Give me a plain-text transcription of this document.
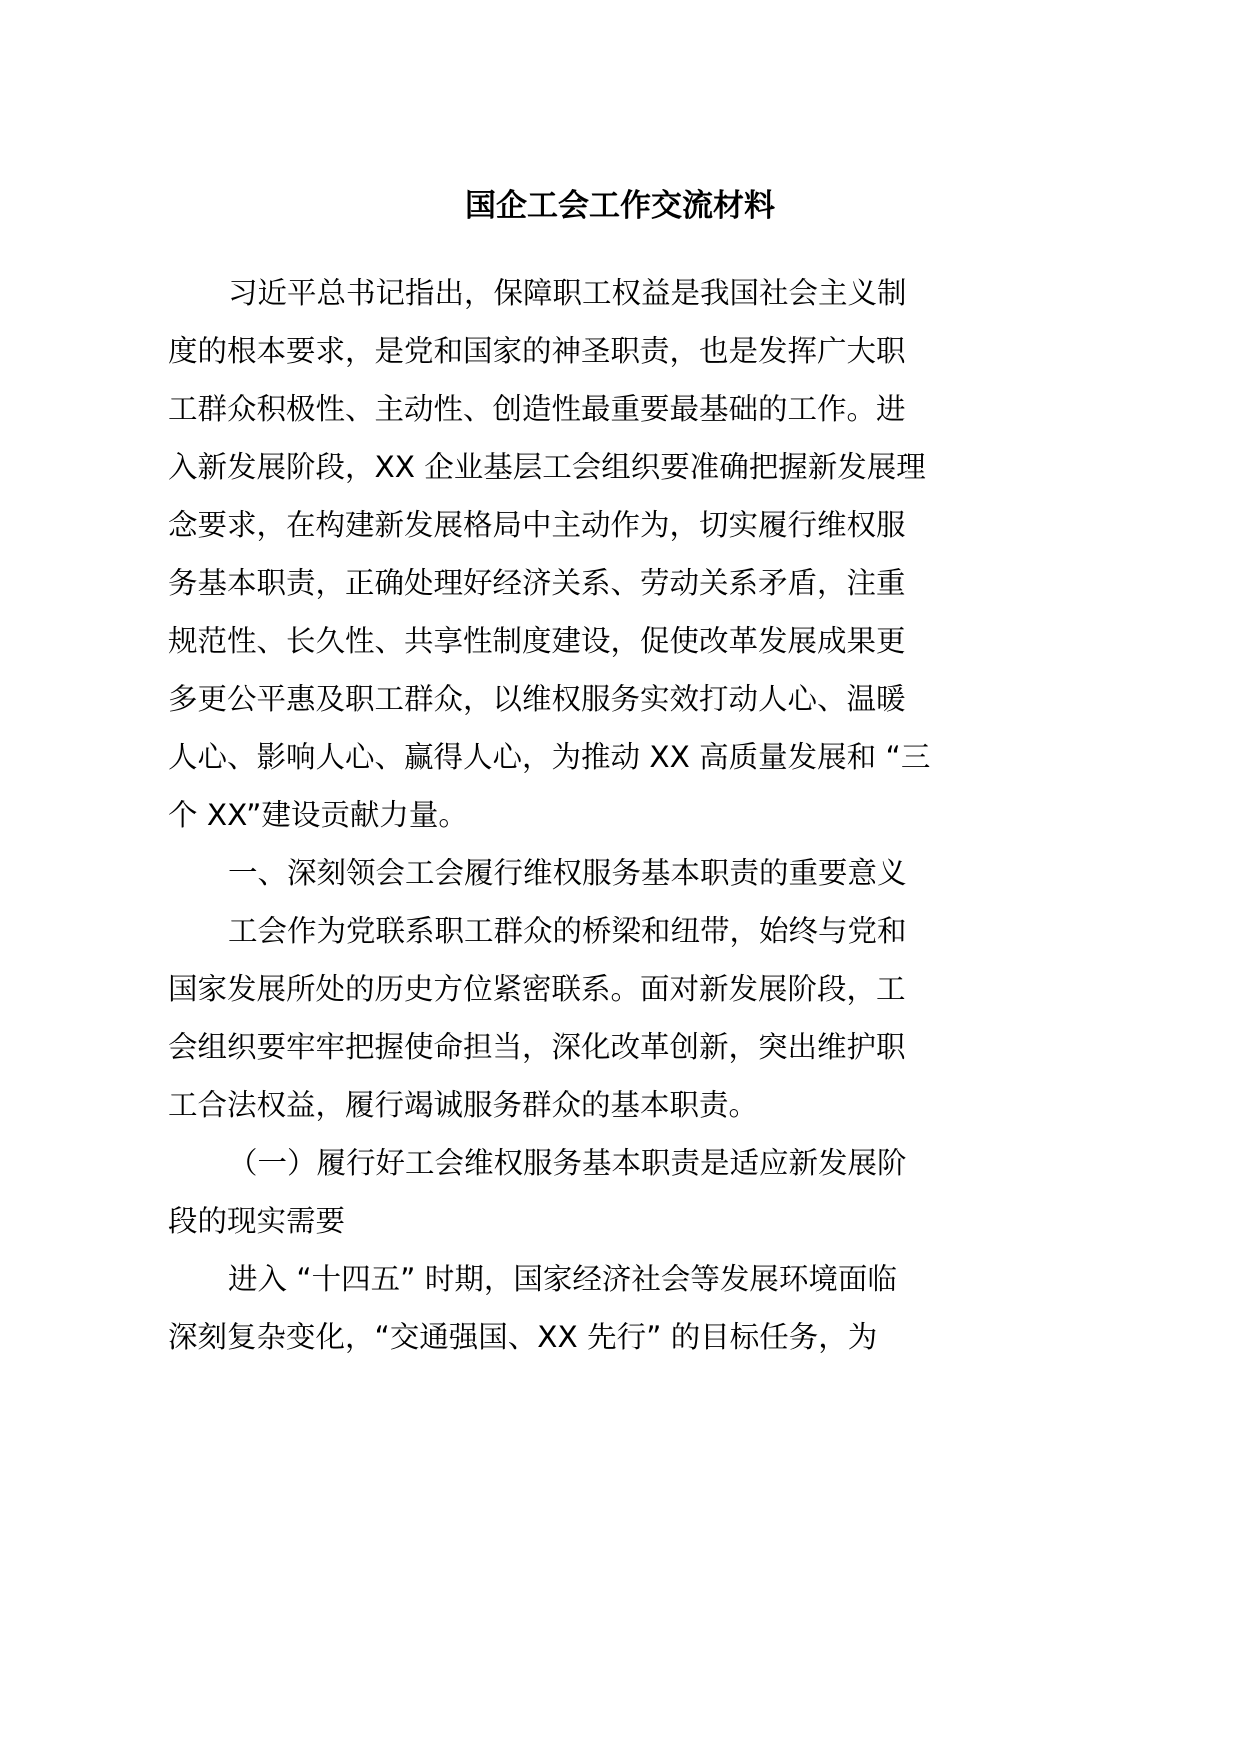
国企工会工作交流材料
习近平总书记指出，保障职工权益是我国社会主义制
度的根本要求，是党和国家的神圣职责，也是发挥广大职
工群众积极性、主动性、创造性最重要最基础的工作。进
入新发展阶段，XX 企业基层工会组织要准确把握新发展理
念要求，在构建新发展格局中主动作为，切实履行维权服
务基本职责，正确处理好经济关系、劳动关系矛盾，注重
规范性、长久性、共享性制度建设，促使改革发展成果更
多更公平惠及职工群众，以维权服务实效打动人心、温暖
人心、影响人心、赢得人心，为推动 XX 高质量发展和 “三
个 XX”建设贡献力量。
一、深刻领会工会履行维权服务基本职责的重要意义
工会作为党联系职工群众的桥梁和纽带，始终与党和
国家发展所处的历史方位紧密联系。面对新发展阶段，工
会组织要牢牢把握使命担当，深化改革创新，突出维护职
工合法权益，履行竭诚服务群众的基本职责。
（一）履行好工会维权服务基本职责是适应新发展阶
段的现实需要
进入 “十四五” 时期，国家经济社会等发展环境面临
深刻复杂变化，“交通强国、XX 先行” 的目标任务，为
